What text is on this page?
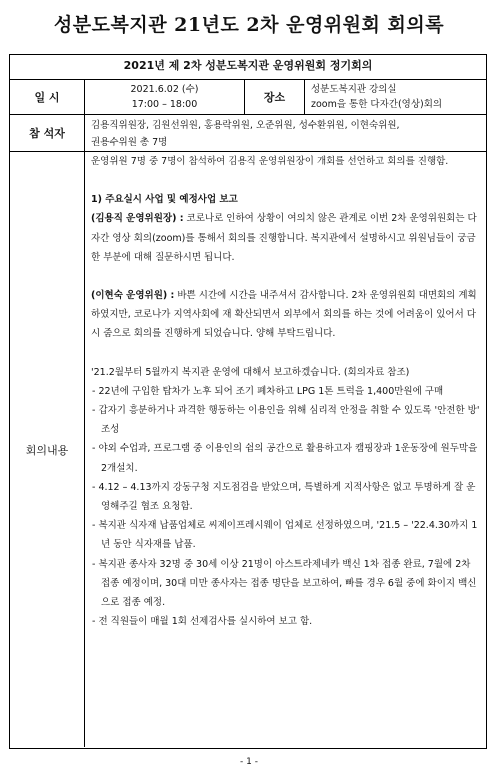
성분도복지관 21년도 2차 운영위원회 회의록
2021년 제 2차 성분도복지관 운영위원회 정기회의
일 시
2021.6.02 (수)
17:00 – 18:00
장소
성분도복지관 강의실
zoom을 통한 다자간(영상)회의
참 석자
김용직위원장, 김원선위원, 홍용락위원, 오준위원, 성수환위원, 이현숙위원,
권용수위원 총 7명
회의내용

운영위원 7명 중 7명이 참석하여 김용직 운영위원장이 개회를 선언하고 회의를 진행함.

1) 주요실시 사업 및 예정사업 보고

(김용직 운영위원장) : 코로나로 인하여 상황이 여의치 않은 관계로 이번 2차 운영위원회는 다자간 영상 회의(zoom)를 통해서 회의를 진행합니다. 복지관에서 설명하시고 위원님들이 궁금한 부분에 대해 질문하시면 됩니다.

(이현숙 운영위원) : 바쁜 시간에 시간을 내주셔서 감사합니다. 2차 운영위원회 대면회의 계획하였지만, 코로나가 지역사회에 재 확산되면서 외부에서 회의를 하는 것에 어려움이 있어서 다시 줌으로 회의를 진행하게 되었습니다. 양해 부탁드립니다.

'21.2월부터 5월까지 복지관 운영에 대해서 보고하겠습니다. (회의자료 참조)

- 22년에 구입한 탑차가 노후 되어 조기 폐차하고 LPG 1톤 트럭을 1,400만원에 구매

- 갑자기 흥분하거나 과격한 행동하는 이용인을 위해 심리적 안정을 취할 수 있도록 '안전한 방' 조성

- 야외 수업과, 프로그램 중 이용인의 쉼의 공간으로 활용하고자 캠핑장과 1운동장에 원두막을 2개설치.

- 4.12 – 4.13까지 강동구청 지도점검을 받았으며, 특별하게 지적사항은 없고 투명하게 잘 운영해주길 협조 요청함.

- 복지관 식자재 납품업체로 씨제이프레시웨이 업체로 선정하였으며, '21.5 – '22.4.30까지 1년 동안 식자재를 납품.

- 복지관 종사자 32명 중 30세 이상 21명이 아스트라제네카 백신 1차 접종 완료, 7월에 2차 접종 예정이며, 30대 미만 종사자는 접종 명단을 보고하여, 빠를 경우 6월 중에 화이지 백신으로 접종 예정.

- 전 직원들이 매월 1회 선제검사를 실시하여 보고 함.

- 1 -
